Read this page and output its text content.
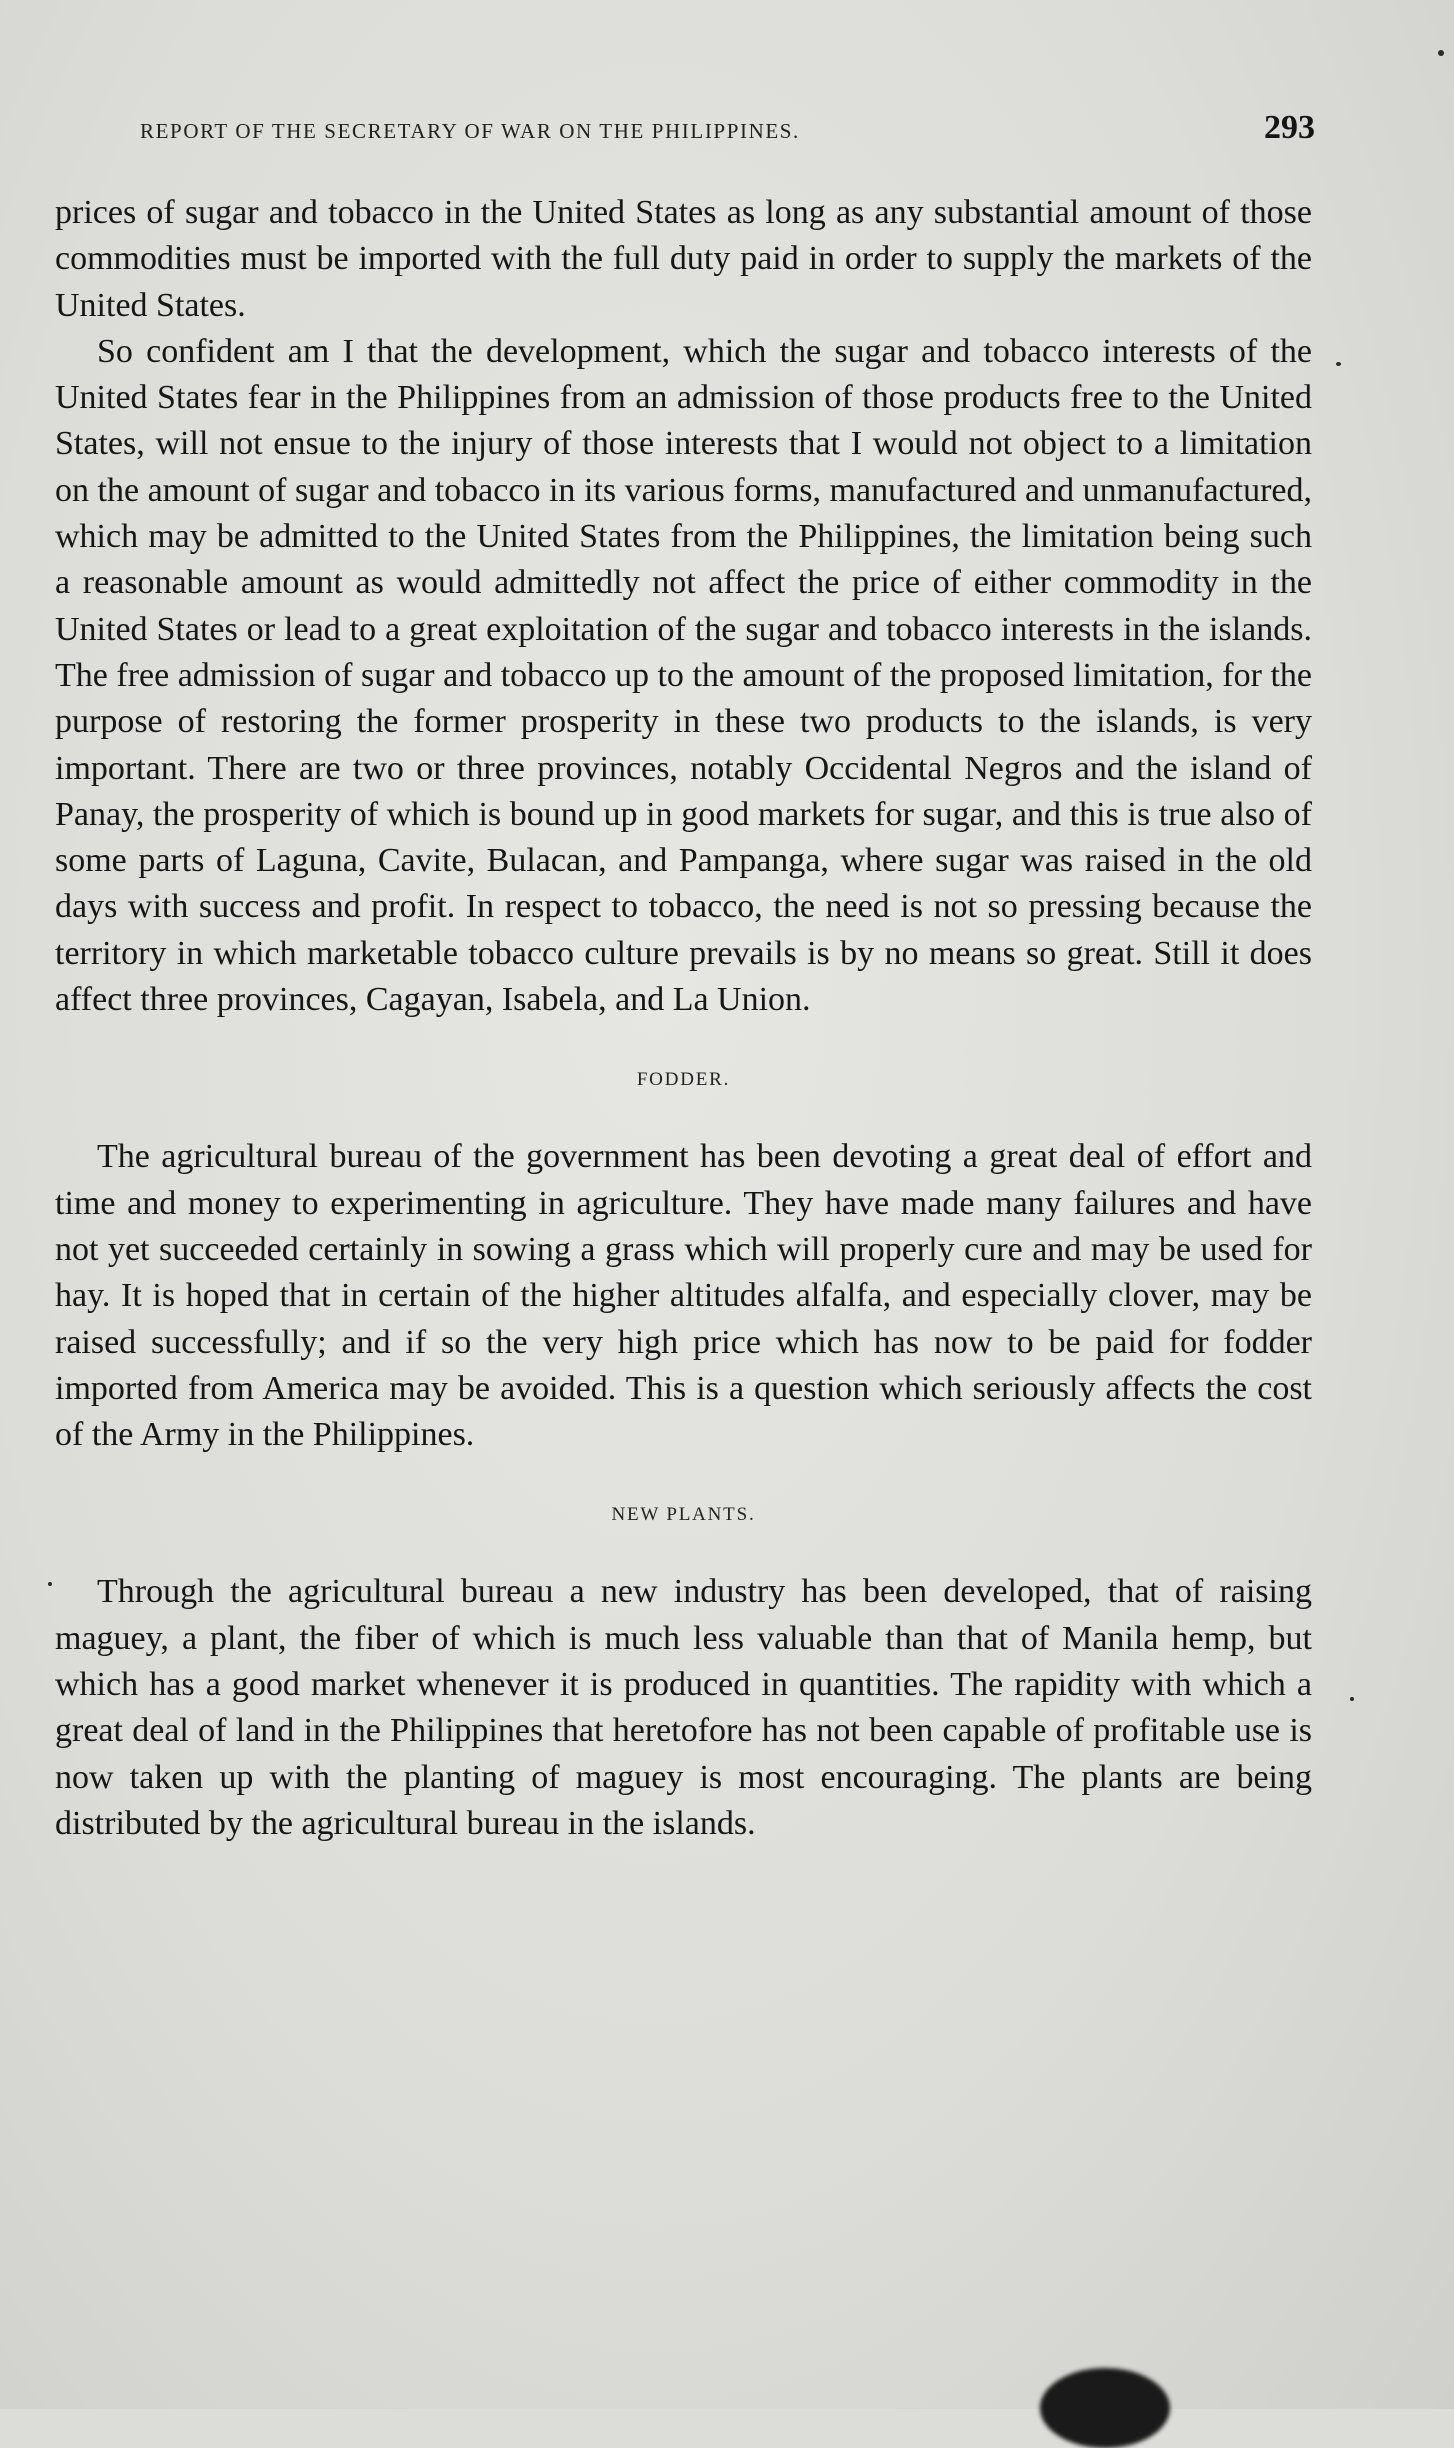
REPORT OF THE SECRETARY OF WAR ON THE PHILIPPINES.	293

prices of sugar and tobacco in the United States as long as any substantial amount of those commodities must be imported with the full duty paid in order to supply the markets of the United States.

So confident am I that the development, which the sugar and tobacco interests of the United States fear in the Philippines from an admission of those products free to the United States, will not ensue to the injury of those interests that I would not object to a limitation on the amount of sugar and tobacco in its various forms, manufactured and unmanufactured, which may be admitted to the United States from the Philippines, the limitation being such a reasonable amount as would admittedly not affect the price of either commodity in the United States or lead to a great exploitation of the sugar and tobacco interests in the islands. The free admission of sugar and tobacco up to the amount of the proposed limitation, for the purpose of restoring the former prosperity in these two products to the islands, is very important. There are two or three provinces, notably Occidental Negros and the island of Panay, the prosperity of which is bound up in good markets for sugar, and this is true also of some parts of Laguna, Cavite, Bulacan, and Pampanga, where sugar was raised in the old days with success and profit. In respect to tobacco, the need is not so pressing because the territory in which marketable tobacco culture prevails is by no means so great. Still it does affect three provinces, Cagayan, Isabela, and La Union.

FODDER.

The agricultural bureau of the government has been devoting a great deal of effort and time and money to experimenting in agriculture. They have made many failures and have not yet succeeded certainly in sowing a grass which will properly cure and may be used for hay. It is hoped that in certain of the higher altitudes alfalfa, and especially clover, may be raised successfully; and if so the very high price which has now to be paid for fodder imported from America may be avoided. This is a question which seriously affects the cost of the Army in the Philippines.

NEW PLANTS.

Through the agricultural bureau a new industry has been developed, that of raising maguey, a plant, the fiber of which is much less valuable than that of Manila hemp, but which has a good market whenever it is produced in quantities. The rapidity with which a great deal of land in the Philippines that heretofore has not been capable of profitable use is now taken up with the planting of maguey is most encouraging. The plants are being distributed by the agricultural bureau in the islands.
